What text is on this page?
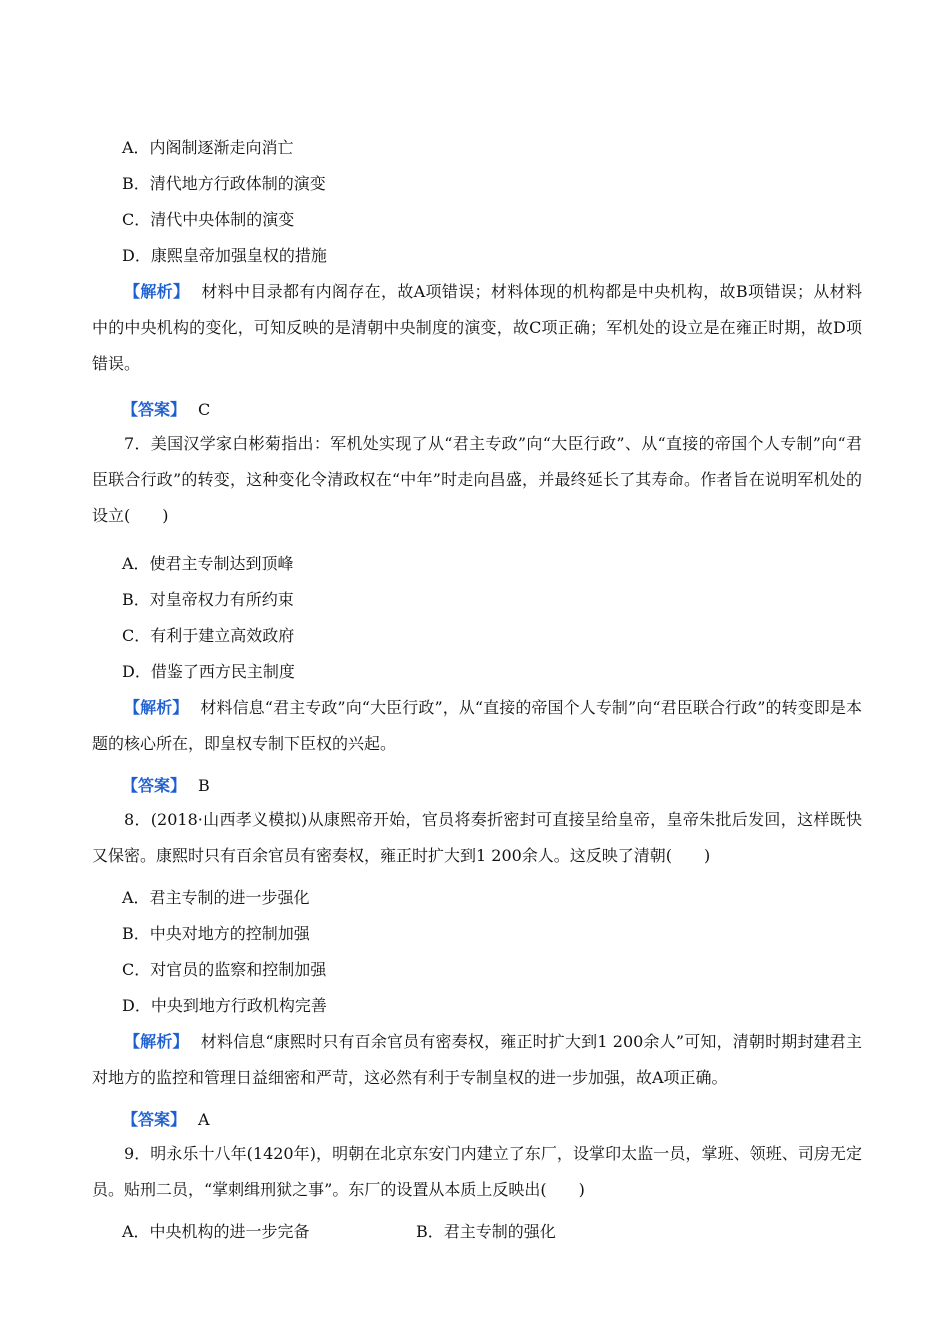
A．内阁制逐渐走向消亡
B．清代地方行政体制的演变
C．清代中央体制的演变
D．康熙皇帝加强皇权的措施
【解析】 材料中目录都有内阁存在，故A项错误；材料体现的机构都是中央机构，故B项错误；从材料中的中央机构的变化，可知反映的是清朝中央制度的演变，故C项正确；军机处的设立是在雍正时期，故D项错误。
【答案】 C
7．美国汉学家白彬菊指出：军机处实现了从“君主专政”向“大臣行政”、从“直接的帝国个人专制”向“君臣联合行政”的转变，这种变化令清政权在“中年”时走向昌盛，并最终延长了其寿命。作者旨在说明军机处的设立(　　)
A．使君主专制达到顶峰
B．对皇帝权力有所约束
C．有利于建立高效政府
D．借鉴了西方民主制度
【解析】 材料信息“君主专政”向“大臣行政”，从“直接的帝国个人专制”向“君臣联合行政”的转变即是本题的核心所在，即皇权专制下臣权的兴起。
【答案】 B
8．(2018·山西孝义模拟)从康熙帝开始，官员将奏折密封可直接呈给皇帝，皇帝朱批后发回，这样既快又保密。康熙时只有百余官员有密奏权，雍正时扩大到1 200余人。这反映了清朝(　　)
A．君主专制的进一步强化
B．中央对地方的控制加强
C．对官员的监察和控制加强
D．中央到地方行政机构完善
【解析】 材料信息“康熙时只有百余官员有密奏权，雍正时扩大到1 200余人”可知，清朝时期封建君主对地方的监控和管理日益细密和严苛，这必然有利于专制皇权的进一步加强，故A项正确。
【答案】 A
9．明永乐十八年(1420年)，明朝在北京东安门内建立了东厂，设掌印太监一员，掌班、领班、司房无定员。贴刑二员，“掌刺缉刑狱之事”。东厂的设置从本质上反映出(　　)
A．中央机构的进一步完备	B．君主专制的强化
